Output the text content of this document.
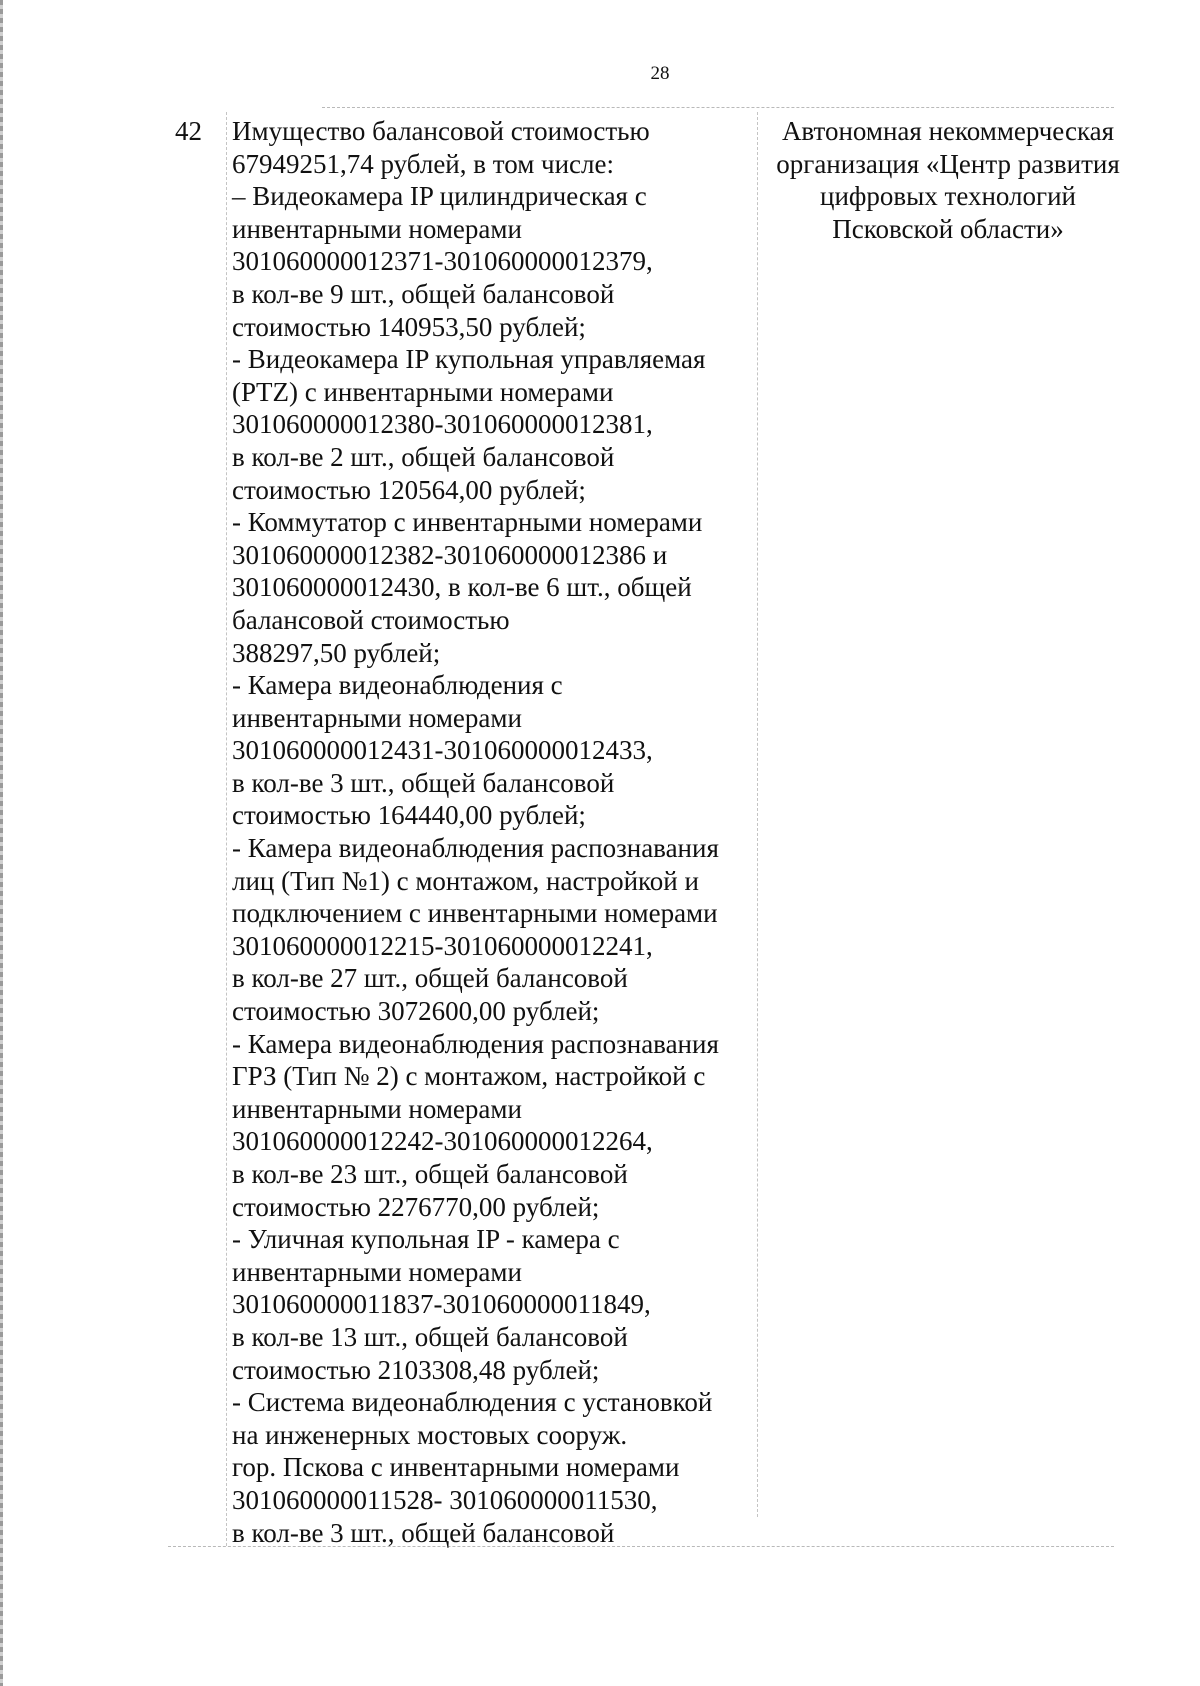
28
42 Имущество балансовой стоимостью
67949251,74 рублей, в том числе:
– Видеокамера IP цилиндрическая с
инвентарными номерами
301060000012371-301060000012379,
в кол-ве 9 шт., общей балансовой
стоимостью 140953,50 рублей;
- Видеокамера IP купольная управляемая
(PTZ) с инвентарными номерами
301060000012380-301060000012381,
в кол-ве 2 шт., общей балансовой
стоимостью 120564,00 рублей;
- Коммутатор с инвентарными номерами
301060000012382-301060000012386 и
301060000012430, в кол-ве 6 шт., общей
балансовой стоимостью
388297,50 рублей;
- Камера видеонаблюдения с
инвентарными номерами
301060000012431-301060000012433,
в кол-ве 3 шт., общей балансовой
стоимостью 164440,00 рублей;
- Камера видеонаблюдения распознавания
лиц (Тип №1) с монтажом, настройкой и
подключением с инвентарными номерами
301060000012215-301060000012241,
в кол-ве 27 шт., общей балансовой
стоимостью 3072600,00 рублей;
- Камера видеонаблюдения распознавания
ГРЗ (Тип № 2) с монтажом, настройкой с
инвентарными номерами
301060000012242-301060000012264,
в кол-ве 23 шт., общей балансовой
стоимостью 2276770,00 рублей;
- Уличная купольная IP - камера с
инвентарными номерами
301060000011837-301060000011849,
в кол-ве 13 шт., общей балансовой
стоимостью 2103308,48 рублей;
- Система видеонаблюдения с установкой
на инженерных мостовых сооруж.
гор. Пскова с инвентарными номерами
301060000011528- 301060000011530,
в кол-ве 3 шт., общей балансовой
Автономная некоммерческая
организация «Центр развития
цифровых технологий
Псковской области»
